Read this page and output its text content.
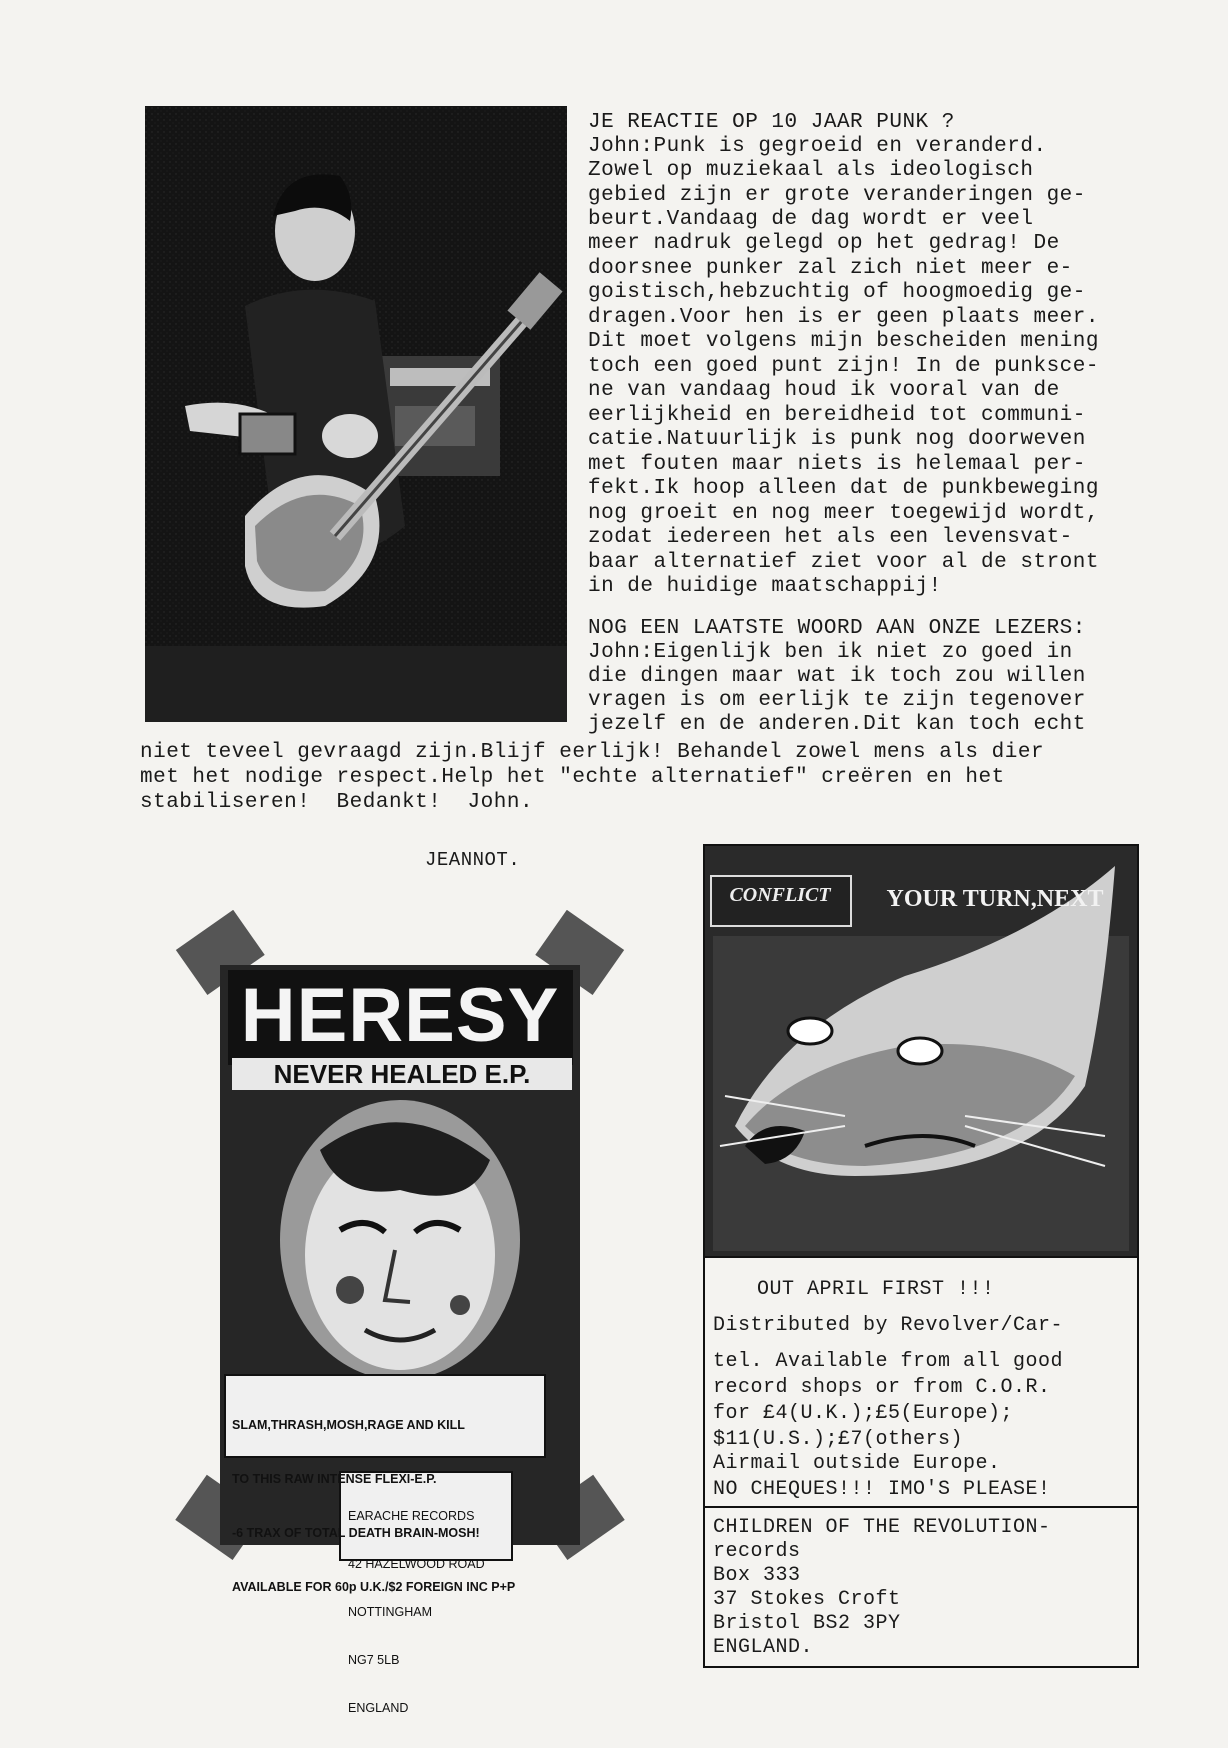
JE REACTIE OP 10 JAAR PUNK ?
John:Punk is gegroeid en veranderd.
Zowel op muziekaal als ideologisch
gebied zijn er grote veranderingen ge-
beurt.Vandaag de dag wordt er veel
meer nadruk gelegd op het gedrag! De
doorsnee punker zal zich niet meer e-
goistisch,hebzuchtig of hoogmoedig ge-
dragen.Voor hen is er geen plaats meer.
Dit moet volgens mijn bescheiden mening
toch een goed punt zijn! In de punksce-
ne van vandaag houd ik vooral van de
eerlijkheid en bereidheid tot communi-
catie.Natuurlijk is punk nog doorweven
met fouten maar niets is helemaal per-
fekt.Ik hoop alleen dat de punkbeweging
nog groeit en nog meer toegewijd wordt,
zodat iedereen het als een levensvat-
baar alternatief ziet voor al de stront
in de huidige maatschappij!
NOG EEN LAATSTE WOORD AAN ONZE LEZERS:
John:Eigenlijk ben ik niet zo goed in
die dingen maar wat ik toch zou willen
vragen is om eerlijk te zijn tegenover
jezelf en de anderen.Dit kan toch echt
niet teveel gevraagd zijn.Blijf eerlijk! Behandel zowel mens als dier
met het nodige respect.Help het "echte alternatief" creëren en het
stabiliseren!  Bedankt!  John.
JEANNOT.
HERESY
NEVER HEALED E.P.

SLAM,THRASH,MOSH,RAGE AND KILL

TO THIS RAW INTENSE FLEXI-E.P.

-6 TRAX OF TOTAL DEATH BRAIN-MOSH!

AVAILABLE FOR 60p U.K./$2 FOREIGN INC P+P

EARACHE RECORDS

42 HAZELWOOD ROAD

NOTTINGHAM

NG7 5LB

ENGLAND

CONFLICT	YOUR TURN,NEXT
OUT APRIL FIRST !!!
Distributed by Revolver/Car-
tel. Available from all good
record shops or from C.O.R.
for £4(U.K.);£5(Europe);
$11(U.S.);£7(others)
Airmail outside Europe.
NO CHEQUES!!! IMO'S PLEASE!
CHILDREN OF THE REVOLUTION-
records
Box 333
37 Stokes Croft
Bristol BS2 3PY
ENGLAND.
